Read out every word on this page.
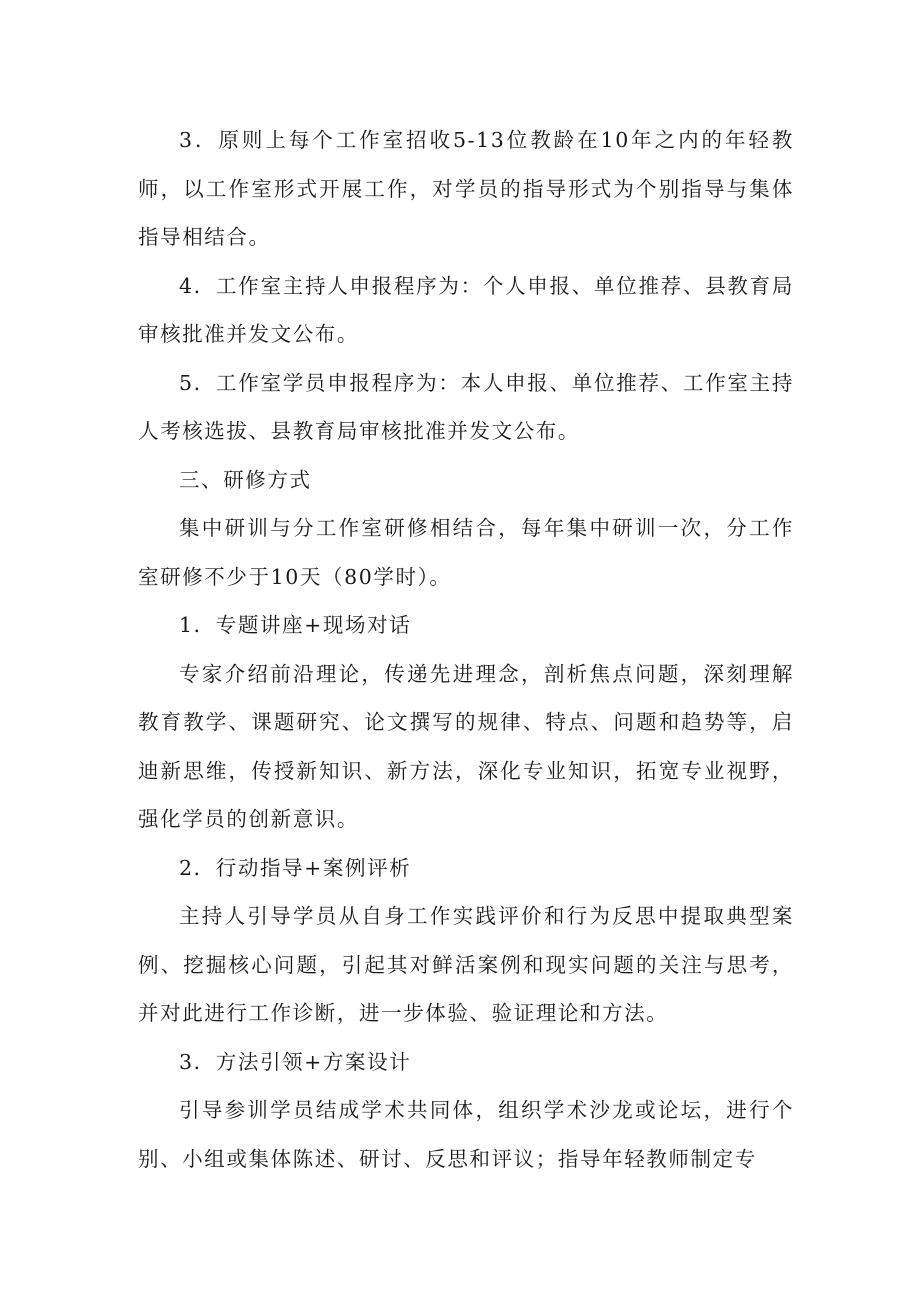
3．原则上每个工作室招收5-13位教龄在10年之内的年轻教师，以工作室形式开展工作，对学员的指导形式为个别指导与集体指导相结合。

4．工作室主持人申报程序为：个人申报、单位推荐、县教育局审核批准并发文公布。

5．工作室学员申报程序为：本人申报、单位推荐、工作室主持人考核选拔、县教育局审核批准并发文公布。

三、研修方式

集中研训与分工作室研修相结合，每年集中研训一次，分工作室研修不少于10天（80学时）。

1．专题讲座+现场对话

专家介绍前沿理论，传递先进理念，剖析焦点问题，深刻理解教育教学、课题研究、论文撰写的规律、特点、问题和趋势等，启迪新思维，传授新知识、新方法，深化专业知识，拓宽专业视野，强化学员的创新意识。

2．行动指导+案例评析

主持人引导学员从自身工作实践评价和行为反思中提取典型案例、挖掘核心问题，引起其对鲜活案例和现实问题的关注与思考，并对此进行工作诊断，进一步体验、验证理论和方法。

3．方法引领+方案设计

引导参训学员结成学术共同体，组织学术沙龙或论坛，进行个别、小组或集体陈述、研讨、反思和评议；指导年轻教师制定专
